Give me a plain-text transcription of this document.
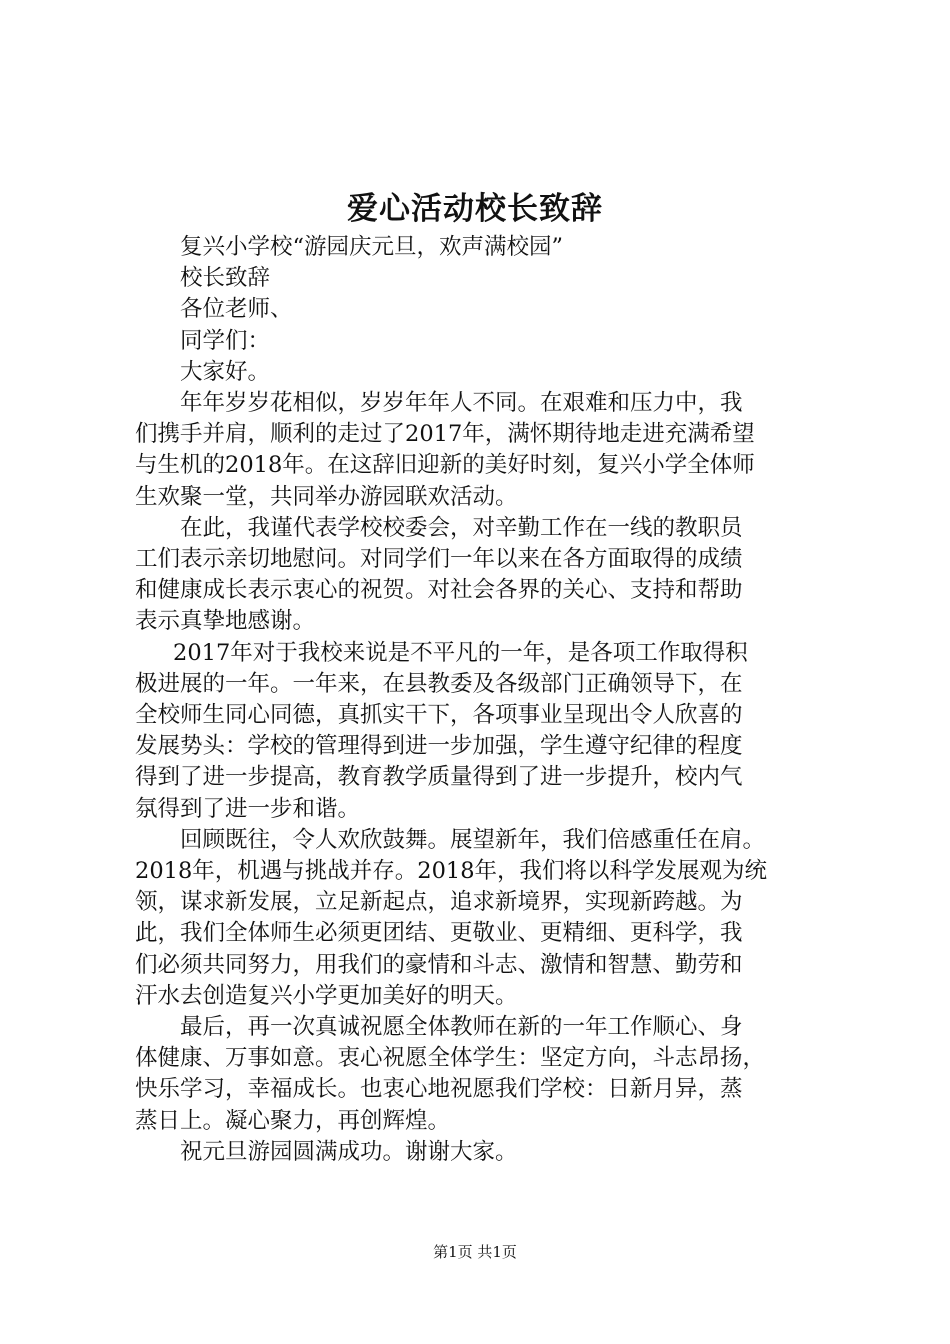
爱心活动校长致辞
复兴小学校“游园庆元旦，欢声满校园”
校长致辞
各位老师、
同学们：
大家好。
年年岁岁花相似，岁岁年年人不同。在艰难和压力中，我
们携手并肩，顺利的走过了2017年，满怀期待地走进充满希望
与生机的2018年。在这辞旧迎新的美好时刻，复兴小学全体师
生欢聚一堂，共同举办游园联欢活动。
在此，我谨代表学校校委会，对辛勤工作在一线的教职员
工们表示亲切地慰问。对同学们一年以来在各方面取得的成绩
和健康成长表示衷心的祝贺。对社会各界的关心、支持和帮助
表示真挚地感谢。
2017年对于我校来说是不平凡的一年，是各项工作取得积
极进展的一年。一年来，在县教委及各级部门正确领导下，在
全校师生同心同德，真抓实干下，各项事业呈现出令人欣喜的
发展势头：学校的管理得到进一步加强，学生遵守纪律的程度
得到了进一步提高，教育教学质量得到了进一步提升，校内气
氛得到了进一步和谐。
回顾既往，令人欢欣鼓舞。展望新年，我们倍感重任在肩。
2018年，机遇与挑战并存。2018年，我们将以科学发展观为统
领，谋求新发展，立足新起点，追求新境界，实现新跨越。为
此，我们全体师生必须更团结、更敬业、更精细、更科学，我
们必须共同努力，用我们的豪情和斗志、激情和智慧、勤劳和
汗水去创造复兴小学更加美好的明天。
最后，再一次真诚祝愿全体教师在新的一年工作顺心、身
体健康、万事如意。衷心祝愿全体学生：坚定方向，斗志昂扬，
快乐学习，幸福成长。也衷心地祝愿我们学校：日新月异，蒸
蒸日上。凝心聚力，再创辉煌。
祝元旦游园圆满成功。谢谢大家。
第1页 共1页
